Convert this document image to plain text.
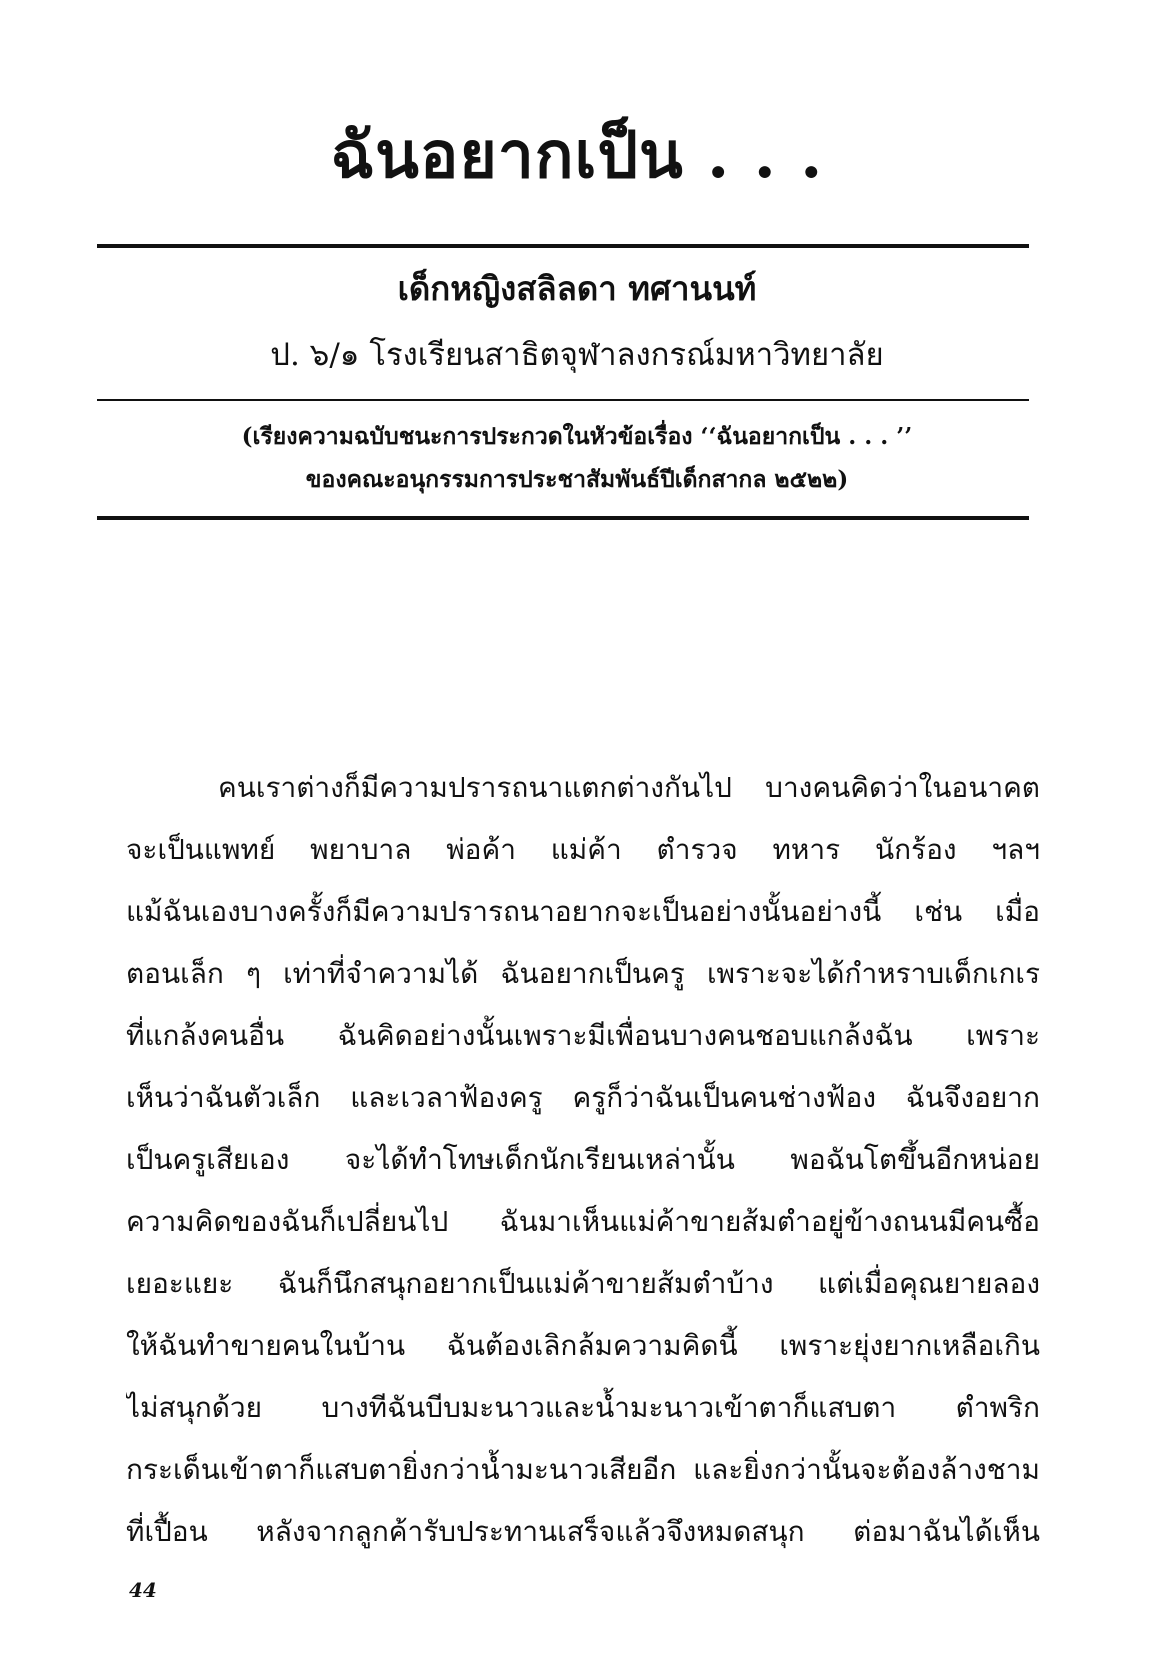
ฉันอยากเป็น . . .
เด็กหญิงสลิลดา ทศานนท์
ป. ๖/๑ โรงเรียนสาธิตจุฬาลงกรณ์มหาวิทยาลัย
(เรียงความฉบับชนะการประกวดในหัวข้อเรื่อง ‘‘ฉันอยากเป็น . . . ’’
ของคณะอนุกรรมการประชาสัมพันธ์ปีเด็กสากล ๒๕๒๒)
คนเราต่างก็มีความปรารถนาแตกต่างกันไป บางคนคิดว่าในอนาคต
จะเป็นแพทย์ พยาบาล พ่อค้า แม่ค้า ตำรวจ ทหาร นักร้อง ฯลฯ
แม้ฉันเองบางครั้งก็มีความปรารถนาอยากจะเป็นอย่างนั้นอย่างนี้ เช่น เมื่อ
ตอนเล็ก ๆ เท่าที่จำความได้ ฉันอยากเป็นครู เพราะจะได้กำหราบเด็กเกเร
ที่แกล้งคนอื่น ฉันคิดอย่างนั้นเพราะมีเพื่อนบางคนชอบแกล้งฉัน เพราะ
เห็นว่าฉันตัวเล็ก และเวลาฟ้องครู ครูก็ว่าฉันเป็นคนช่างฟ้อง ฉันจึงอยาก
เป็นครูเสียเอง จะได้ทำโทษเด็กนักเรียนเหล่านั้น พอฉันโตขึ้นอีกหน่อย
ความคิดของฉันก็เปลี่ยนไป ฉันมาเห็นแม่ค้าขายส้มตำอยู่ข้างถนนมีคนซื้อ
เยอะแยะ ฉันก็นึกสนุกอยากเป็นแม่ค้าขายส้มตำบ้าง แต่เมื่อคุณยายลอง
ให้ฉันทำขายคนในบ้าน ฉันต้องเลิกล้มความคิดนี้ เพราะยุ่งยากเหลือเกิน
ไม่สนุกด้วย บางทีฉันบีบมะนาวและน้ำมะนาวเข้าตาก็แสบตา ตำพริก
กระเด็นเข้าตาก็แสบตายิ่งกว่าน้ำมะนาวเสียอีก และยิ่งกว่านั้นจะต้องล้างชาม
ที่เปื้อน หลังจากลูกค้ารับประทานเสร็จแล้วจึงหมดสนุก ต่อมาฉันได้เห็น
44
